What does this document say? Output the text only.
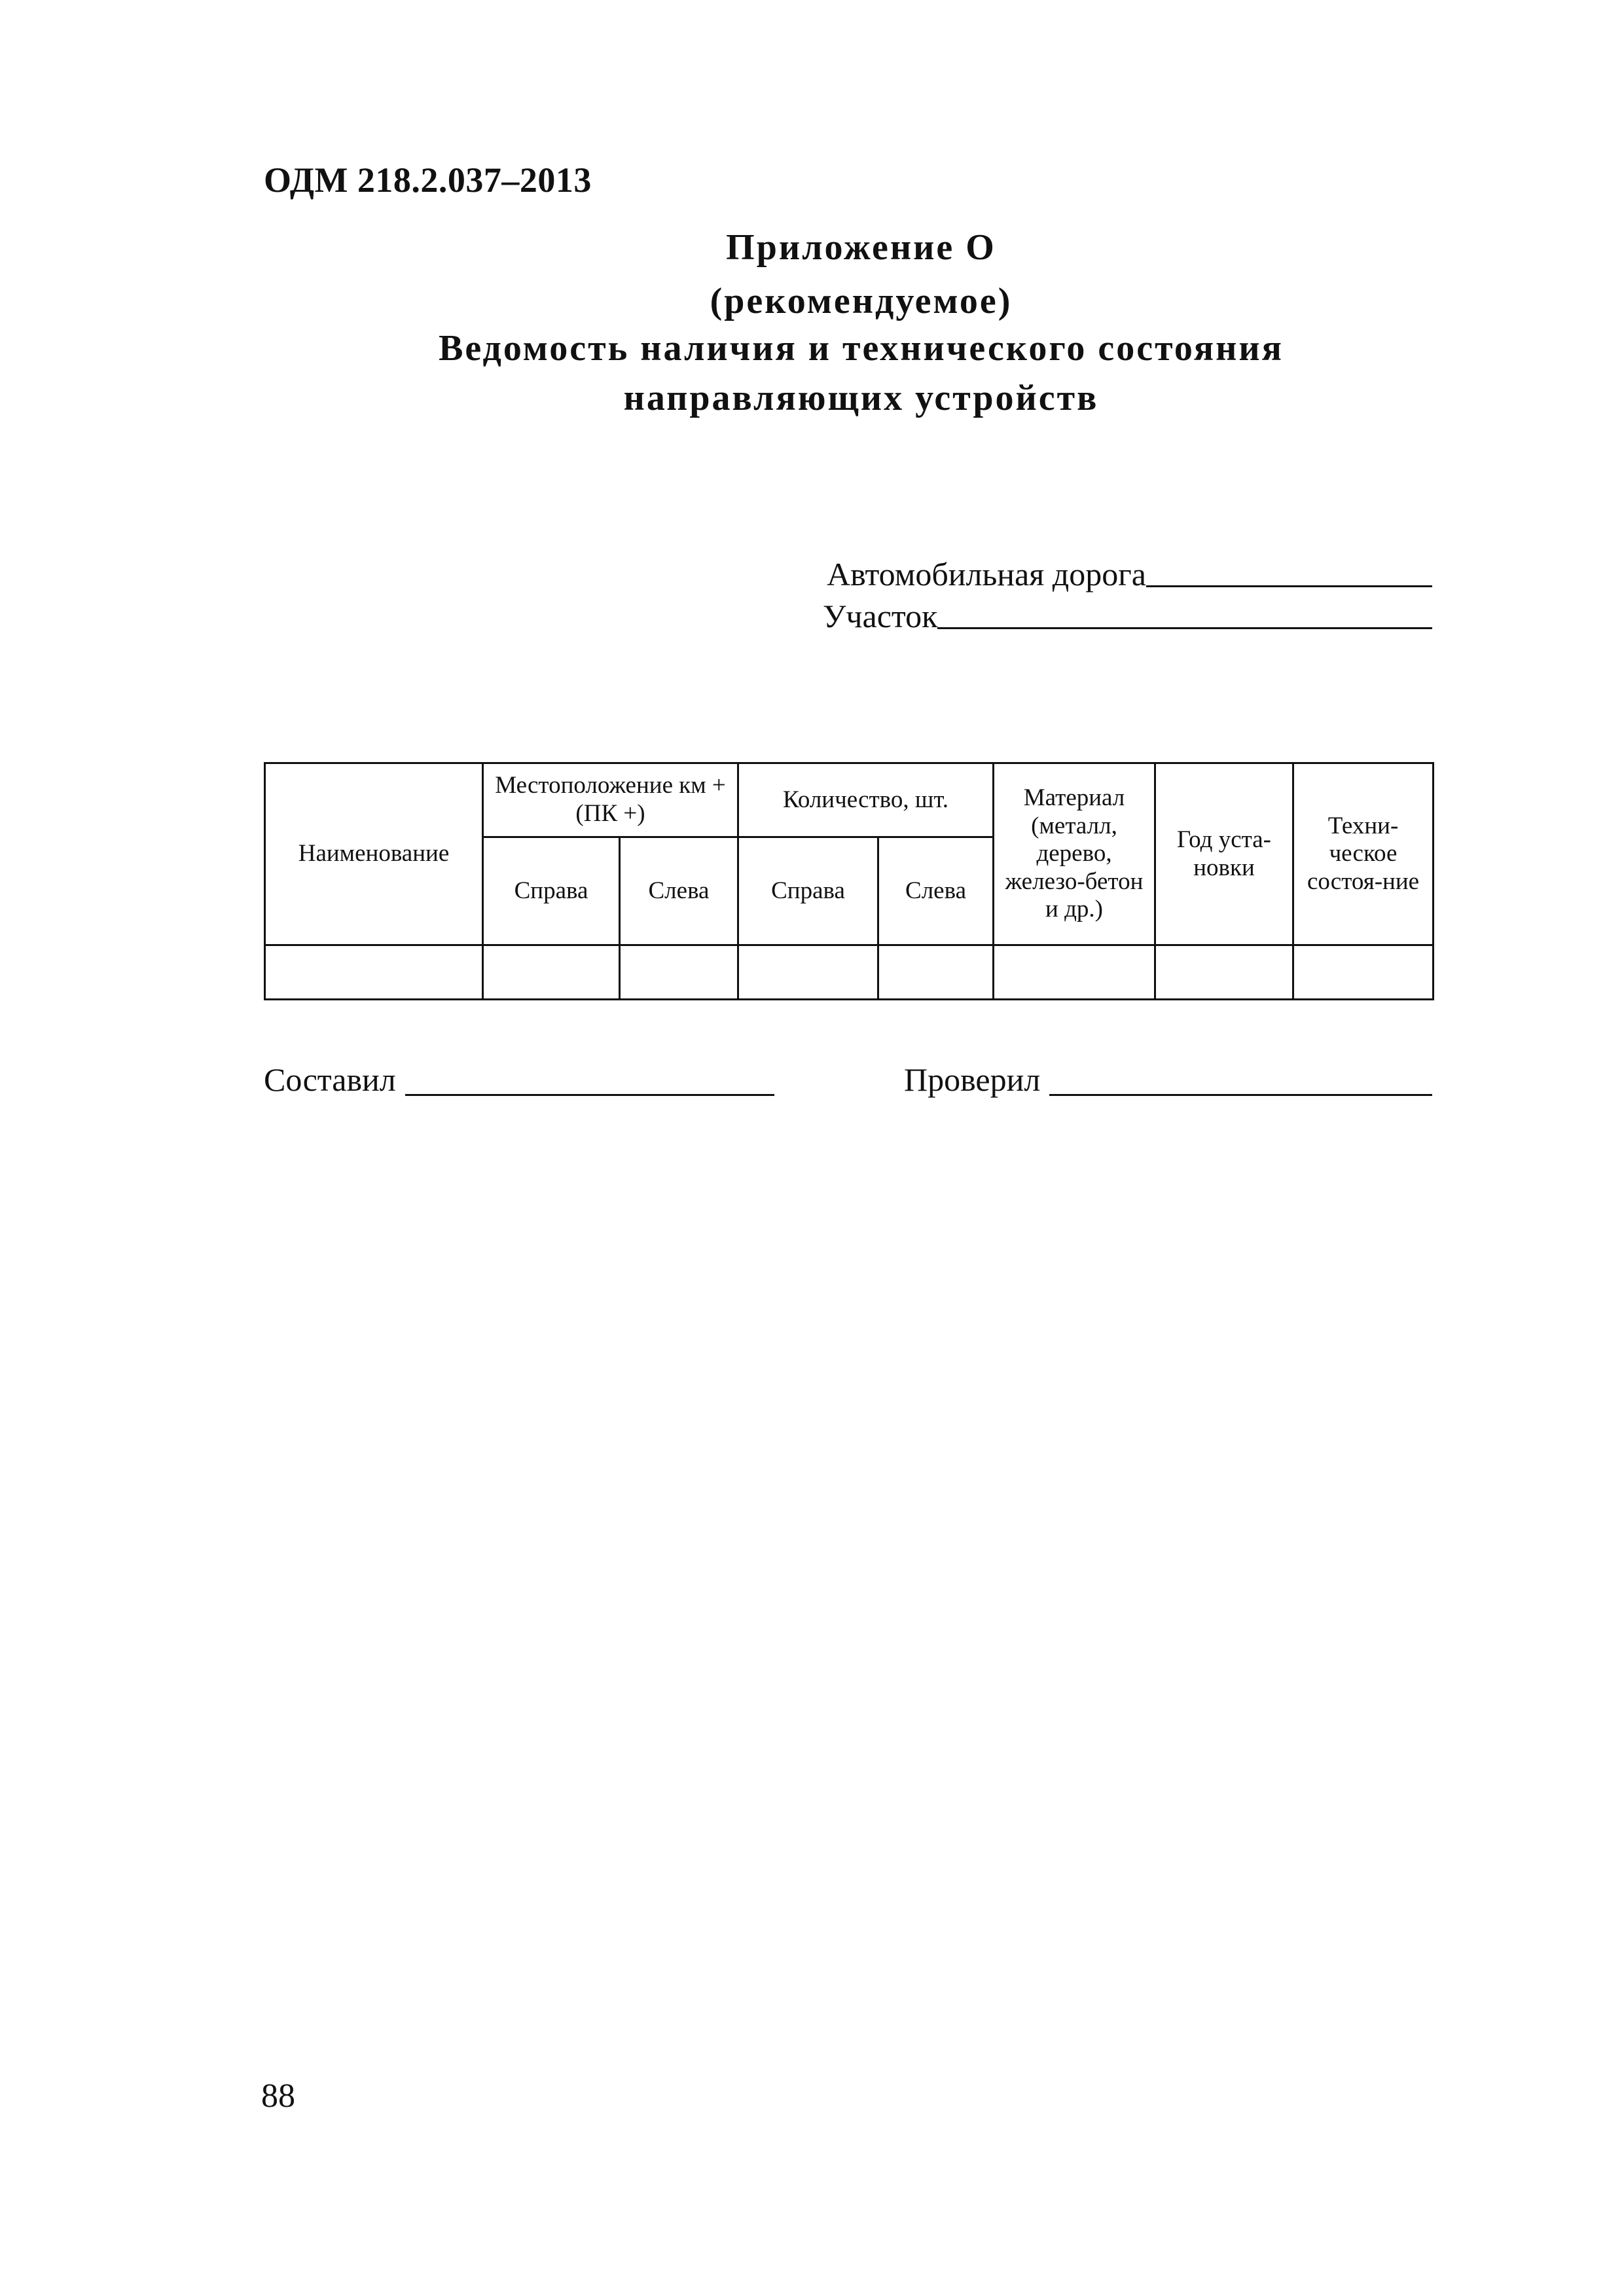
ОДМ 218.2.037–2013
Приложение О
(рекомендуемое)
Ведомость наличия и технического состояния
направляющих устройств
Автомобильная дорога
Участок
Наименование	Местоположение км + (ПК +)		Количество, шт.		Материал (металл, дерево, железо-бетон и др.)	Год уста-новки	Техни-ческое состоя-ние
	Справа	Слева	Справа	Слева			

Составил	Проверил
88
